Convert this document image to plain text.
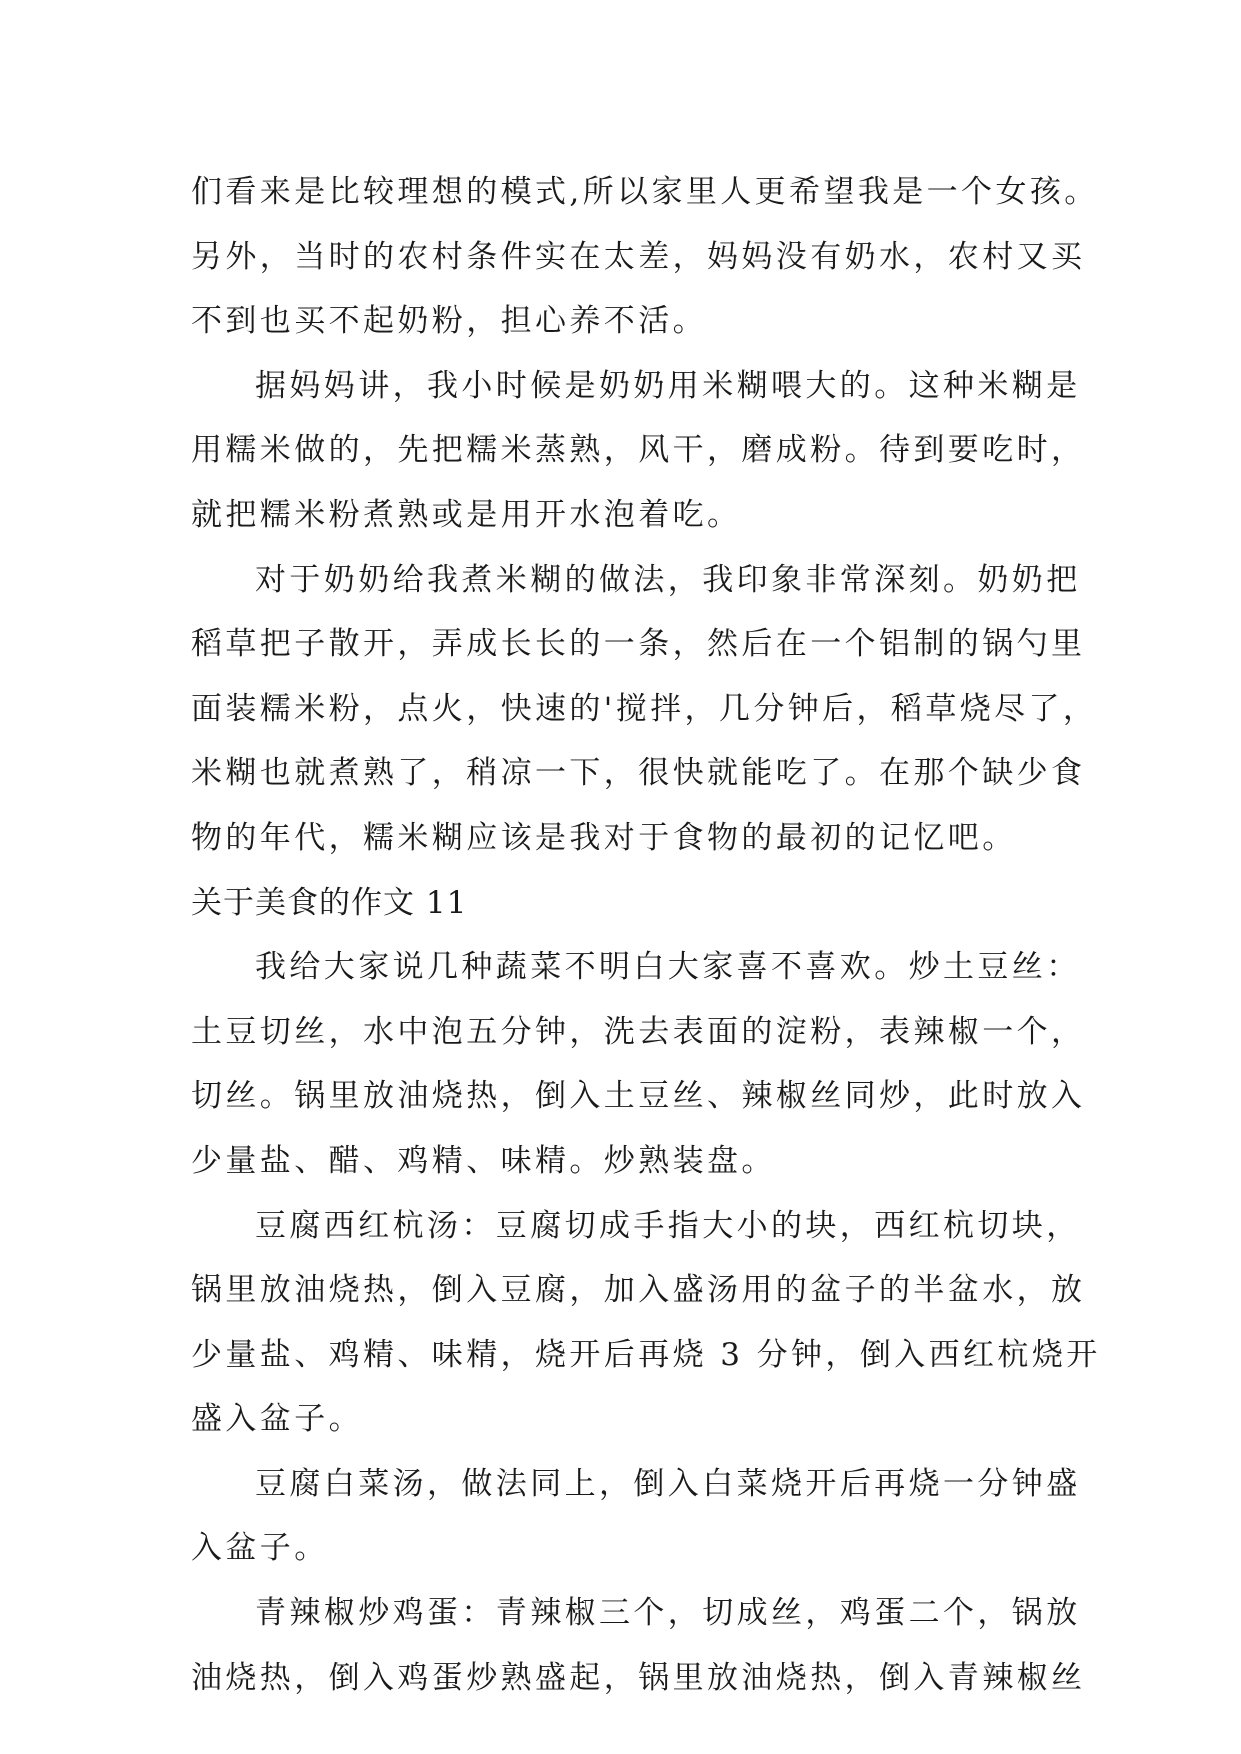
们看来是比较理想的模式,所以家里人更希望我是一个女孩。
另外，当时的农村条件实在太差，妈妈没有奶水，农村又买
不到也买不起奶粉，担心养不活。
据妈妈讲，我小时候是奶奶用米糊喂大的。这种米糊是
用糯米做的，先把糯米蒸熟，风干，磨成粉。待到要吃时，
就把糯米粉煮熟或是用开水泡着吃。
对于奶奶给我煮米糊的做法，我印象非常深刻。奶奶把
稻草把子散开，弄成长长的一条，然后在一个铝制的锅勺里
面装糯米粉，点火，快速的'搅拌，几分钟后，稻草烧尽了，
米糊也就煮熟了，稍凉一下，很快就能吃了。在那个缺少食
物的年代，糯米糊应该是我对于食物的最初的记忆吧。
关于美食的作文 11
我给大家说几种蔬菜不明白大家喜不喜欢。炒土豆丝：
土豆切丝，水中泡五分钟，洗去表面的淀粉，表辣椒一个，
切丝。锅里放油烧热，倒入土豆丝、辣椒丝同炒，此时放入
少量盐、醋、鸡精、味精。炒熟装盘。
豆腐西红杭汤：豆腐切成手指大小的块，西红杭切块，
锅里放油烧热，倒入豆腐，加入盛汤用的盆子的半盆水，放
少量盐、鸡精、味精，烧开后再烧 3 分钟，倒入西红杭烧开
盛入盆子。
豆腐白菜汤，做法同上，倒入白菜烧开后再烧一分钟盛
入盆子。
青辣椒炒鸡蛋：青辣椒三个，切成丝，鸡蛋二个，锅放
油烧热，倒入鸡蛋炒熟盛起，锅里放油烧热，倒入青辣椒丝
